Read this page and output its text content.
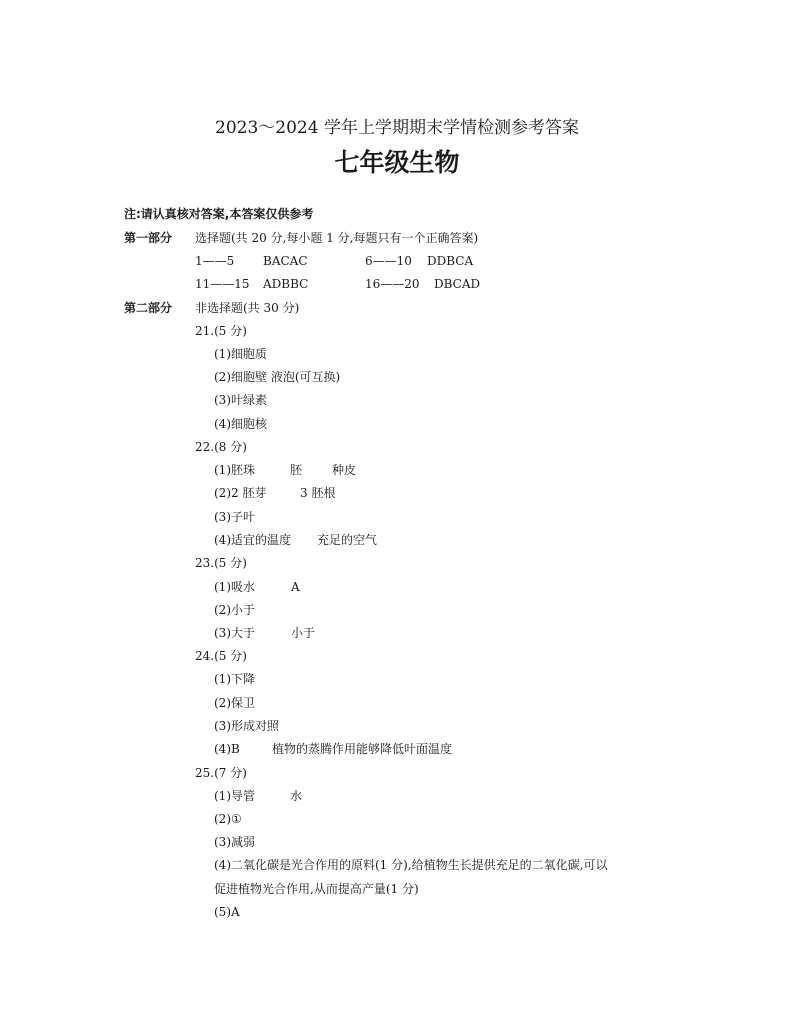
2023～2024 学年上学期期末学情检测参考答案
七年级生物
注:请认真核对答案,本答案仅供参考
第一部分 选择题(共 20 分,每小题 1 分,每题只有一个正确答案)
1——5 BACAC	6——10 DDBCA
11——15 ADBBC	16——20 DBCAD
第二部分 非选择题(共 30 分)
21.(5 分)
(1)细胞质
(2)细胞壁 液泡(可互换)
(3)叶绿素
(4)细胞核
22.(8 分)
(1)胚珠	胚 种皮
(2)2 胚芽	3 胚根
(3)子叶
(4)适宜的温度 充足的空气
23.(5 分)
(1)吸水	A
(2)小于
(3)大于	小于
24.(5 分)
(1)下降
(2)保卫
(3)形成对照
(4)B	植物的蒸腾作用能够降低叶面温度
25.(7 分)
(1)导管	水
(2)①
(3)减弱
(4)二氧化碳是光合作用的原料(1 分),给植物生长提供充足的二氧化碳,可以
促进植物光合作用,从而提高产量(1 分)
(5)A
